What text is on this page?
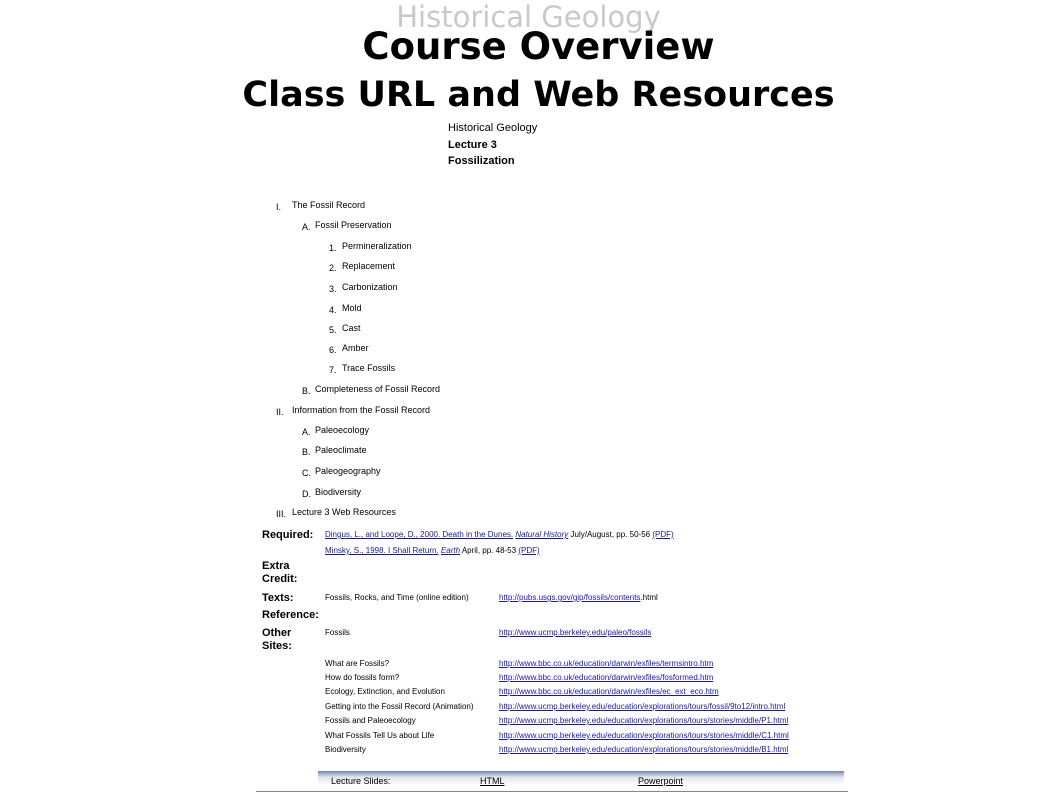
Historical Geology
Course Overview
Class URL and Web Resources
Historical Geology
Lecture 3
Fossilization
I. The Fossil Record
A. Fossil Preservation
1. Permineralization
2. Replacement
3. Carbonization
4. Mold
5. Cast
6. Amber
7. Trace Fossils
B. Completeness of Fossil Record
II. Information from the Fossil Record
A. Paleoecology
B. Paleoclimate
C. Paleogeography
D. Biodiversity
III. Lecture 3 Web Resources
Required: Dingus, L., and Loope, D., 2000. Death in the Dunes. Natural History July/August, pp. 50-56 (PDF)
Minsky, S., 1998. I Shall Return. Earth April, pp. 48-53 (PDF)
Extra
Credit:
Texts:	Fossils, Rocks, and Time (online edition)	http://pubs.usgs.gov/gip/fossils/contents.html
Reference:
Other
Sites:
Fossils	http://www.ucmp.berkeley.edu/paleo/fossils
What are Fossils?	http://www.bbc.co.uk/education/darwin/exfiles/termsintro.htm
How do fossils form?	http://www.bbc.co.uk/education/darwin/exfiles/fosformed.htm
Ecology, Extinction, and Evolution	http://www.bbc.co.uk/education/darwin/exfiles/ec_ext_eco.htm
Getting into the Fossil Record (Animation)	http://www.ucmp.berkeley.edu/education/explorations/tours/fossil/9to12/intro.html
Fossils and Paleoecology	http://www.ucmp.berkeley.edu/education/explorations/tours/stories/middle/P1.html
What Fossils Tell Us about Life	http://www.ucmp.berkeley.edu/education/explorations/tours/stories/middle/C1.html
Biodiversity	http://www.ucmp.berkeley.edu/education/explorations/tours/stories/middle/B1.html
Lecture Slides:	HTML	Powerpoint
